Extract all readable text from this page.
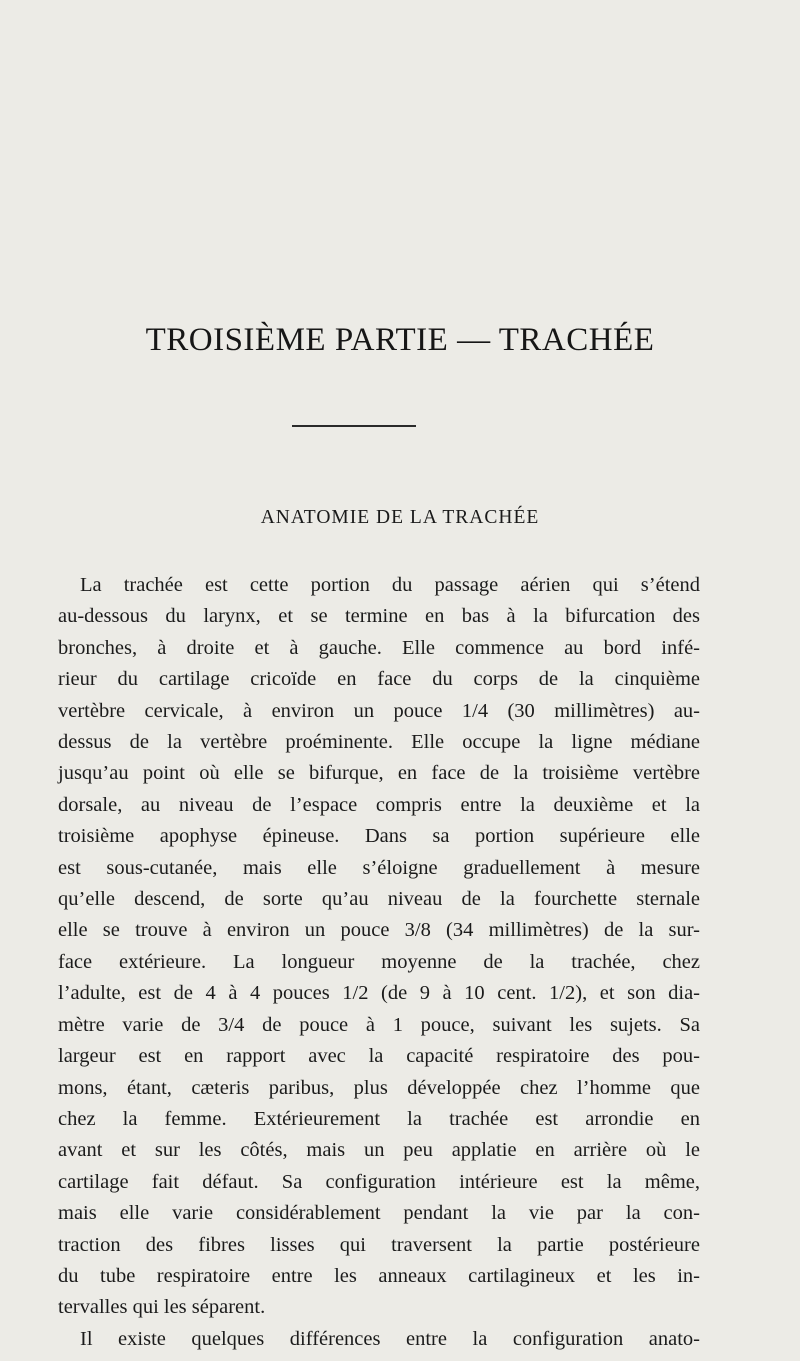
TROISIÈME PARTIE — TRACHÉE
ANATOMIE DE LA TRACHÉE
La trachée est cette portion du passage aérien qui s’étend
au-dessous du larynx, et se termine en bas à la bifurcation des
bronches, à droite et à gauche. Elle commence au bord infé-
rieur du cartilage cricoïde en face du corps de la cinquième
vertèbre cervicale, à environ un pouce 1/4 (30 millimètres) au-
dessus de la vertèbre proéminente. Elle occupe la ligne médiane
jusqu’au point où elle se bifurque, en face de la troisième vertèbre
dorsale, au niveau de l’espace compris entre la deuxième et la
troisième apophyse épineuse. Dans sa portion supérieure elle
est sous-cutanée, mais elle s’éloigne graduellement à mesure
qu’elle descend, de sorte qu’au niveau de la fourchette sternale
elle se trouve à environ un pouce 3/8 (34 millimètres) de la sur-
face extérieure. La longueur moyenne de la trachée, chez
l’adulte, est de 4 à 4 pouces 1/2 (de 9 à 10 cent. 1/2), et son dia-
mètre varie de 3/4 de pouce à 1 pouce, suivant les sujets. Sa
largeur est en rapport avec la capacité respiratoire des pou-
mons, étant, cæteris paribus, plus développée chez l’homme que
chez la femme. Extérieurement la trachée est arrondie en
avant et sur les côtés, mais un peu applatie en arrière où le
cartilage fait défaut. Sa configuration intérieure est la même,
mais elle varie considérablement pendant la vie par la con-
traction des fibres lisses qui traversent la partie postérieure
du tube respiratoire entre les anneaux cartilagineux et les in-
tervalles qui les séparent.
Il existe quelques différences entre la configuration anato-
